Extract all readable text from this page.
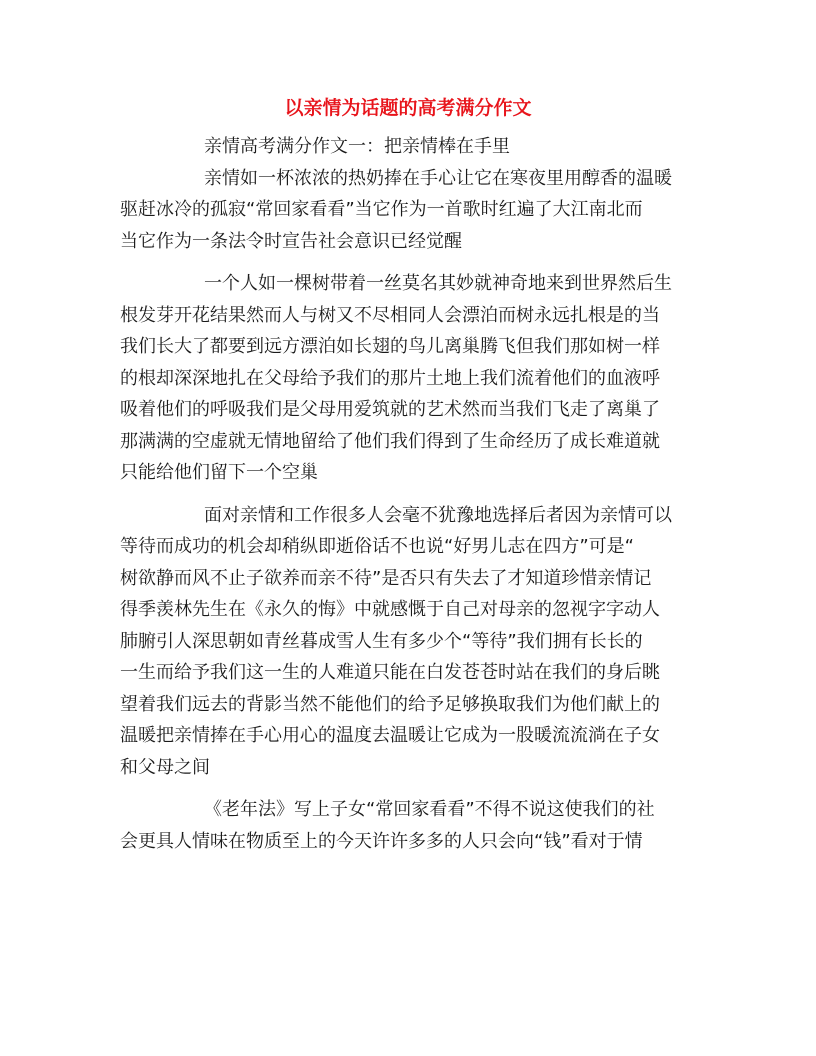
以亲情为话题的高考满分作文
亲情高考满分作文一：把亲情棒在手里
亲情如一杯浓浓的热奶捧在手心让它在寒夜里用醇香的温暖
驱赶冰冷的孤寂“常回家看看”当它作为一首歌时红遍了大江南北而
当它作为一条法令时宣告社会意识已经觉醒
一个人如一棵树带着一丝莫名其妙就神奇地来到世界然后生
根发芽开花结果然而人与树又不尽相同人会漂泊而树永远扎根是的当
我们长大了都要到远方漂泊如长翅的鸟儿离巢腾飞但我们那如树一样
的根却深深地扎在父母给予我们的那片土地上我们流着他们的血液呼
吸着他们的呼吸我们是父母用爱筑就的艺术然而当我们飞走了离巢了
那满满的空虚就无情地留给了他们我们得到了生命经历了成长难道就
只能给他们留下一个空巢
面对亲情和工作很多人会毫不犹豫地选择后者因为亲情可以
等待而成功的机会却稍纵即逝俗话不也说“好男儿志在四方”可是“
树欲静而风不止子欲养而亲不待”是否只有失去了才知道珍惜亲情记
得季羡林先生在《永久的悔》中就感慨于自己对母亲的忽视字字动人
肺腑引人深思朝如青丝暮成雪人生有多少个“等待”我们拥有长长的
一生而给予我们这一生的人难道只能在白发苍苍时站在我们的身后眺
望着我们远去的背影当然不能他们的给予足够换取我们为他们献上的
温暖把亲情捧在手心用心的温度去温暖让它成为一股暖流流淌在子女
和父母之间
《老年法》写上子女“常回家看看”不得不说这使我们的社
会更具人情味在物质至上的今天许许多多的人只会向“钱”看对于情
